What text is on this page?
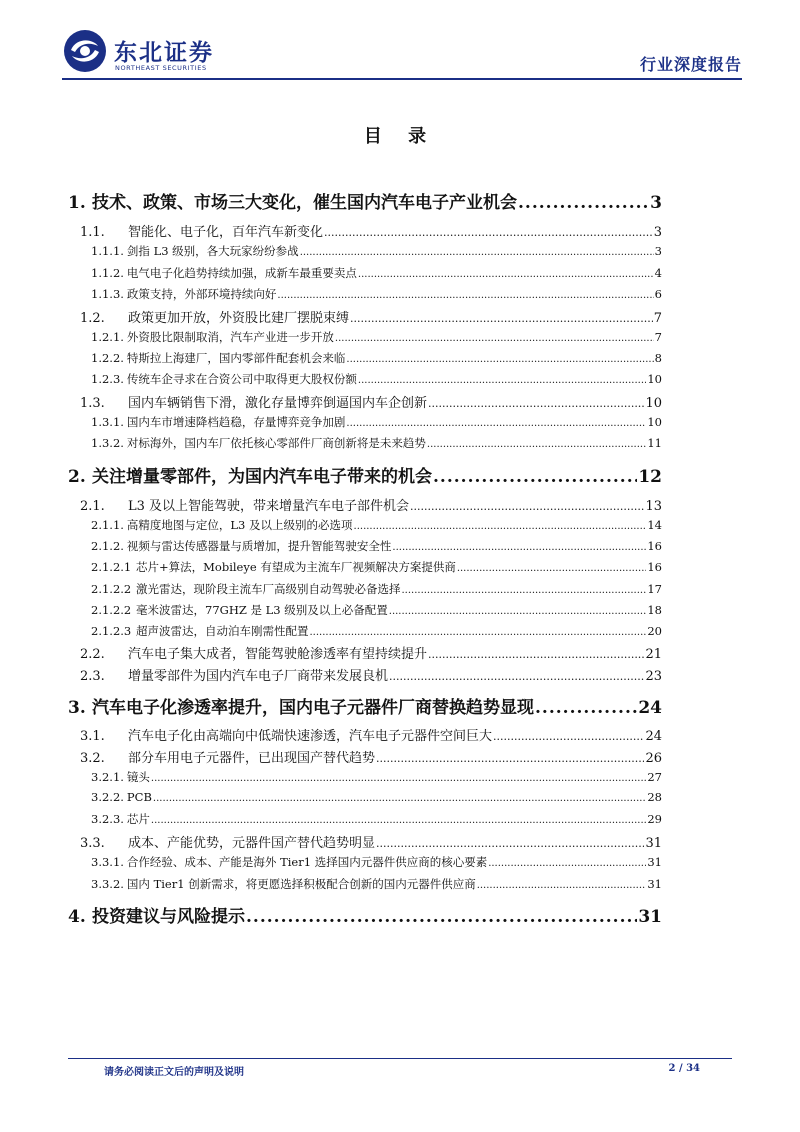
东北证券
NORTHEAST SECURITIES	行业深度报告
目 录
1. 技术、政策、市场三大变化，催生国内汽车电子产业机会 .....	3
1.1.	智能化、电子化，百年汽车新变化 .....	3
1.1.1. 剑指 L3 级别，各大玩家纷纷参战 .....	3
1.1.2. 电气电子化趋势持续加强，成新车最重要卖点 .....	4
1.1.3. 政策支持，外部环境持续向好 .....	6
1.2.	政策更加开放，外资股比建厂摆脱束缚 .....	7
1.2.1. 外资股比限制取消，汽车产业进一步开放 .....	7
1.2.2. 特斯拉上海建厂，国内零部件配套机会来临 .....	8
1.2.3. 传统车企寻求在合资公司中取得更大股权份额 .....	10
1.3.	国内车辆销售下滑，激化存量博弈倒逼国内车企创新 .....	10
1.3.1. 国内车市增速降档趋稳，存量博弈竞争加剧 .....	10
1.3.2. 对标海外，国内车厂依托核心零部件厂商创新将是未来趋势 .....	11
2. 关注增量零部件，为国内汽车电子带来的机会 .....	12
2.1.	L3 及以上智能驾驶，带来增量汽车电子部件机会 .....	13
2.1.1. 高精度地图与定位，L3 及以上级别的必选项 .....	14
2.1.2. 视频与雷达传感器量与质增加，提升智能驾驶安全性 .....	16
2.1.2.1 芯片+算法，Mobileye 有望成为主流车厂视频解决方案提供商 .....	16
2.1.2.2 激光雷达，现阶段主流车厂高级别自动驾驶必备选择 .....	17
2.1.2.2 毫米波雷达，77GHZ 是 L3 级别及以上必备配置 .....	18
2.1.2.3 超声波雷达，自动泊车刚需性配置 .....	20
2.2.	汽车电子集大成者，智能驾驶舱渗透率有望持续提升 .....	21
2.3.	增量零部件为国内汽车电子厂商带来发展良机 .....	23
3. 汽车电子化渗透率提升，国内电子元器件厂商替换趋势显现 .....	24
3.1.	汽车电子化由高端向中低端快速渗透，汽车电子元器件空间巨大 .....	24
3.2.	部分车用电子元器件，已出现国产替代趋势 .....	26
3.2.1. 镜头 .....	27
3.2.2. PCB .....	28
3.2.3. 芯片 .....	29
3.3.	成本、产能优势，元器件国产替代趋势明显 .....	31
3.3.1. 合作经验、成本、产能是海外 Tier1 选择国内元器件供应商的核心要素 .....	31
3.3.2. 国内 Tier1 创新需求，将更愿选择积极配合创新的国内元器件供应商 .....	31
4. 投资建议与风险提示 .....	31
请务必阅读正文后的声明及说明	2 / 34
